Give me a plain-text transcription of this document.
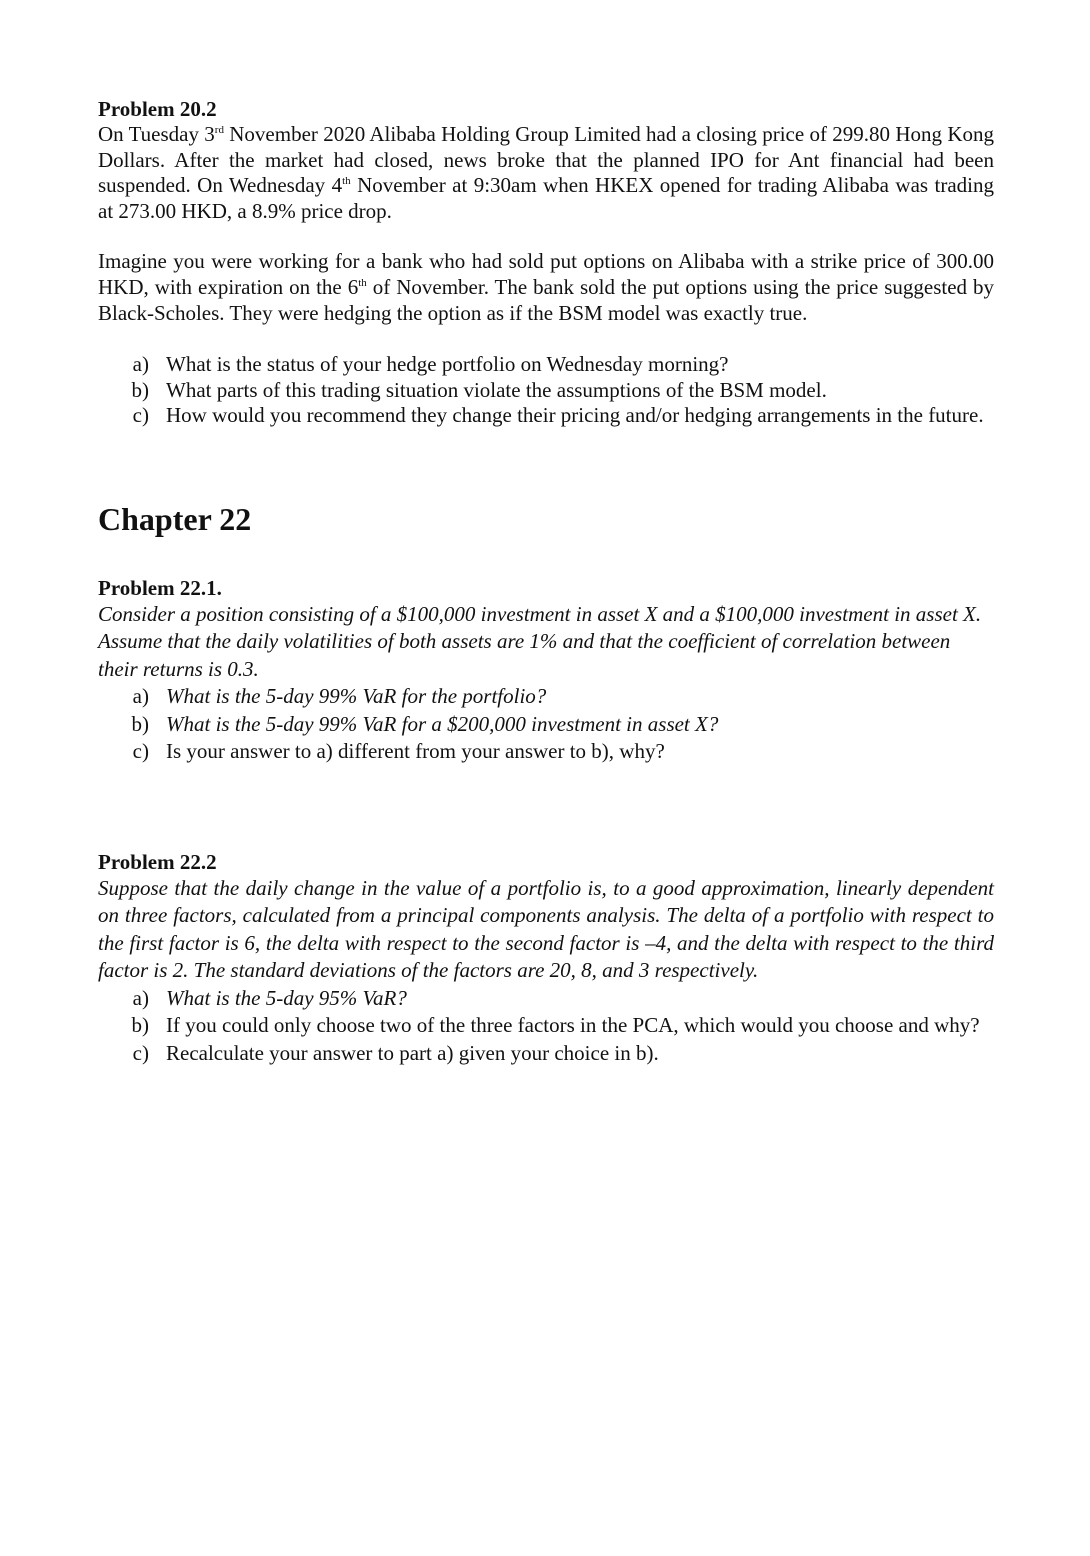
Problem 20.2

On Tuesday 3rd November 2020 Alibaba Holding Group Limited had a closing price of 299.80 Hong Kong Dollars. After the market had closed, news broke that the planned IPO for Ant financial had been suspended. On Wednesday 4th November at 9:30am when HKEX opened for trading Alibaba was trading at 273.00 HKD, a 8.9% price drop.

Imagine you were working for a bank who had sold put options on Alibaba with a strike price of 300.00 HKD, with expiration on the 6th of November. The bank sold the put options using the price suggested by Black-Scholes. They were hedging the option as if the BSM model was exactly true.

a) What is the status of your hedge portfolio on Wednesday morning?
b) What parts of this trading situation violate the assumptions of the BSM model.
c) How would you recommend they change their pricing and/or hedging arrangements in the future.

Chapter 22

Problem 22.1.

Consider a position consisting of a $100,000 investment in asset X and a $100,000 investment in asset X. Assume that the daily volatilities of both assets are 1% and that the coefficient of correlation between their returns is 0.3.

a) What is the 5-day 99% VaR for the portfolio?
b) What is the 5-day 99% VaR for a $200,000 investment in asset X?
c) Is your answer to a) different from your answer to b), why?

Problem 22.2

Suppose that the daily change in the value of a portfolio is, to a good approximation, linearly dependent on three factors, calculated from a principal components analysis. The delta of a portfolio with respect to the first factor is 6, the delta with respect to the second factor is –4, and the delta with respect to the third factor is 2. The standard deviations of the factors are 20, 8, and 3 respectively.

a) What is the 5-day 95% VaR?
b) If you could only choose two of the three factors in the PCA, which would you choose and why?
c) Recalculate your answer to part a) given your choice in b).
